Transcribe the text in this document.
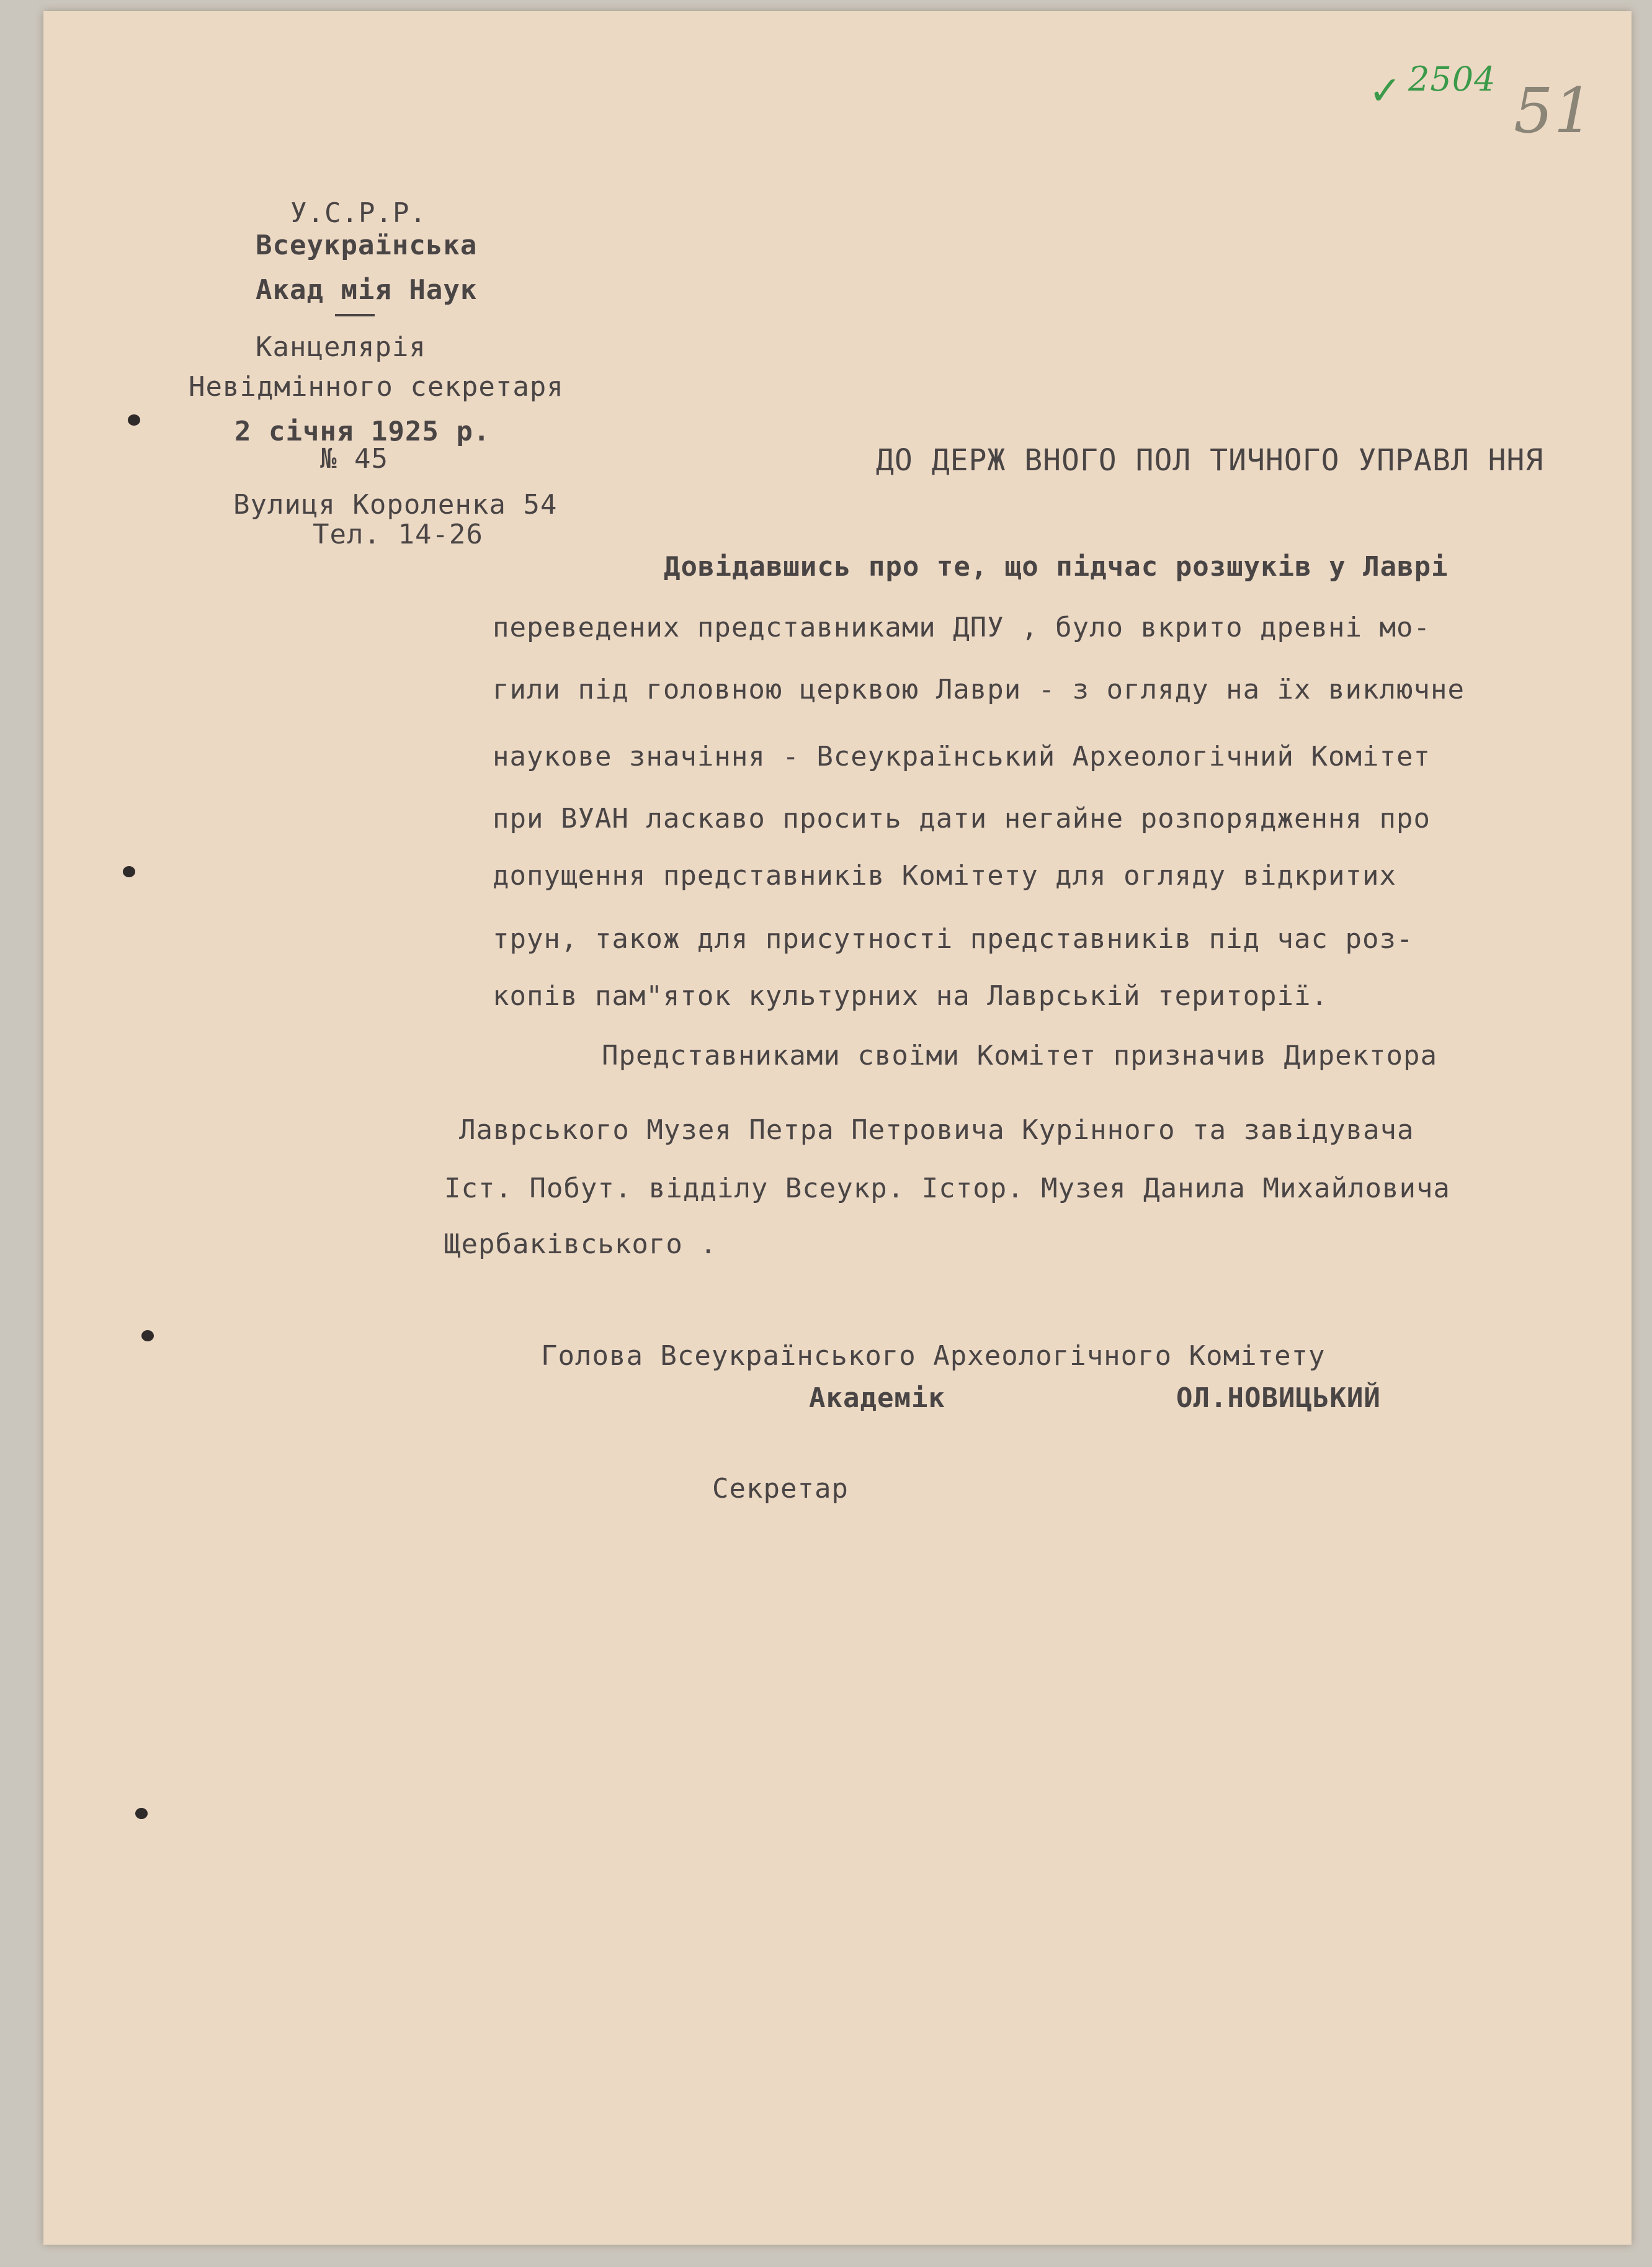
✓ 2504 51
У.С.Р.Р.
Всеукраїнська
Акад мія Наук
Канцелярія
Невідмінного секретаря
2 січня 1925 р.
№ 45
Вулиця Короленка 54
Тел. 14-26
ДО ДЕРЖ ВНОГО ПОЛ ТИЧНОГО УПРАВЛ ННЯ
Довідавшись про те, що підчас розшуків у Лаврі
переведених представниками ДПУ , було вкрито древні мо-
гили під головною церквою Лаври - з огляду на їх виключне
наукове значіння - Всеукраїнський Археологічний Комітет
при ВУАН ласкаво просить дати негайне розпорядження про
допущення представників Комітету для огляду відкритих
трун, також для присутності представників під час роз-
копів пам"яток культурних на Лаврській території.
Представниками своїми Комітет призначив Директора
Лаврського Музея Петра Петровича Курінного та завідувача
Іст. Побут. відділу Всеукр. Істор. Музея Данила Михайловича
Щербаківського .
Голова Всеукраїнського Археологічного Комітету
Академік	ОЛ.НОВИЦЬКИЙ
Секретар
